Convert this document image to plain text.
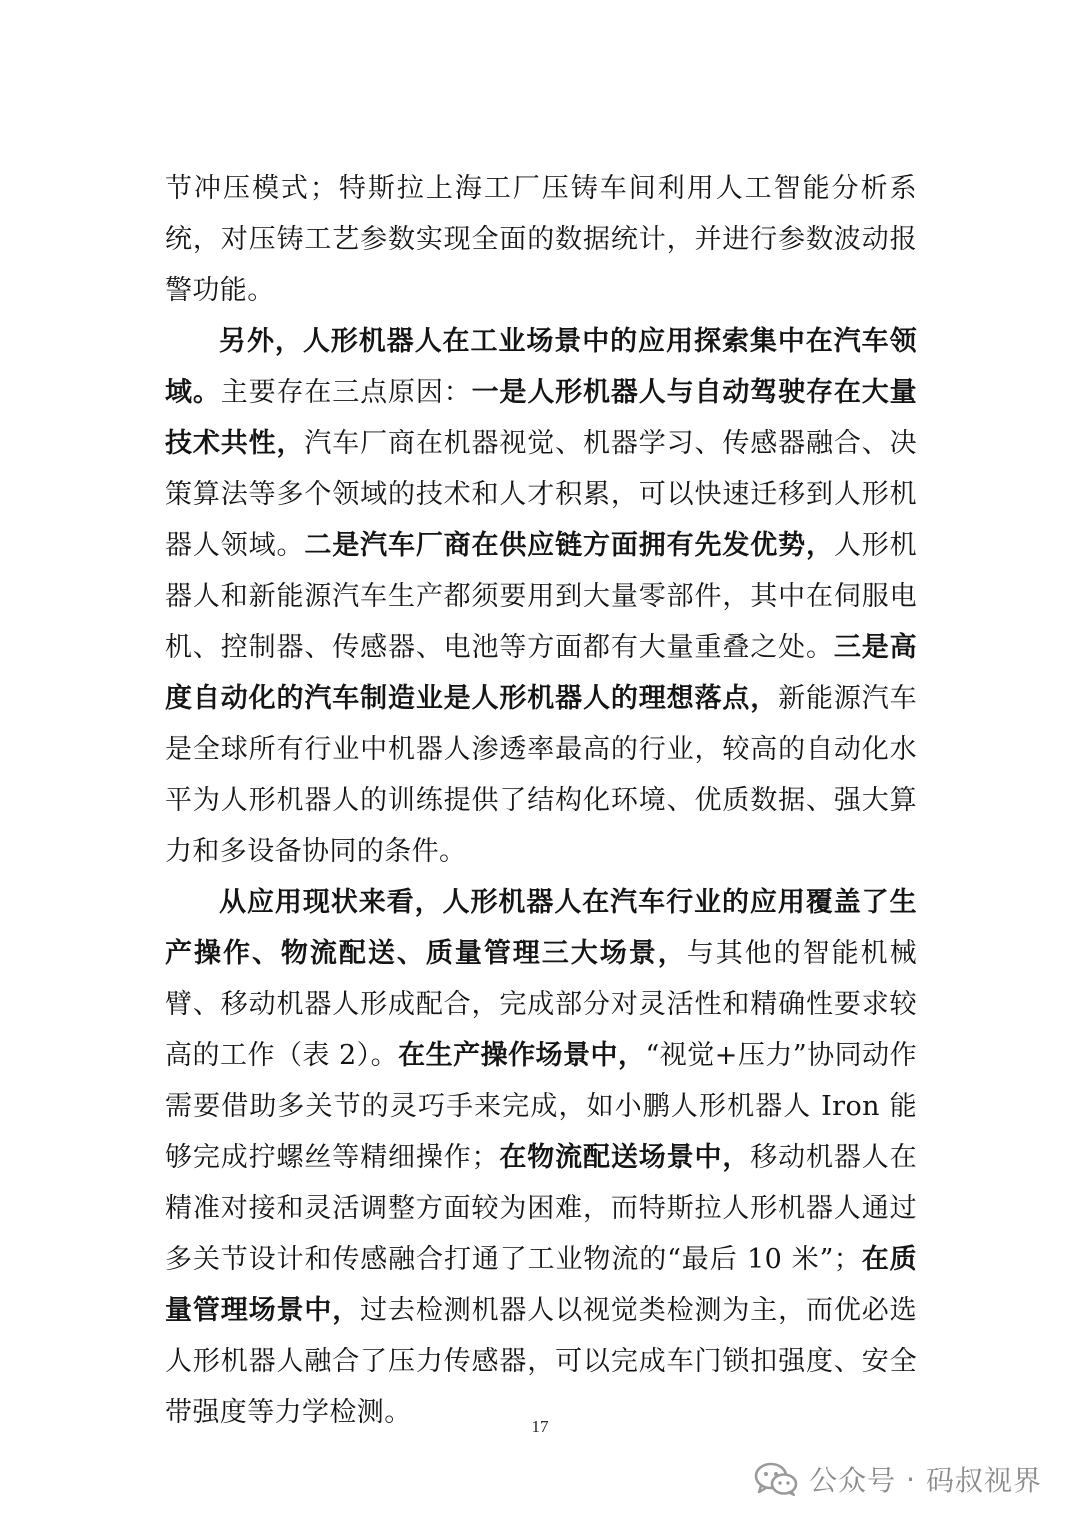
节冲压模式；特斯拉上海工厂压铸车间利用人工智能分析系统，对压铸工艺参数实现全面的数据统计，并进行参数波动报警功能。

另外，人形机器人在工业场景中的应用探索集中在汽车领域。主要存在三点原因：一是人形机器人与自动驾驶存在大量技术共性，汽车厂商在机器视觉、机器学习、传感器融合、决策算法等多个领域的技术和人才积累，可以快速迁移到人形机器人领域。二是汽车厂商在供应链方面拥有先发优势，人形机器人和新能源汽车生产都须要用到大量零部件，其中在伺服电机、控制器、传感器、电池等方面都有大量重叠之处。三是高度自动化的汽车制造业是人形机器人的理想落点，新能源汽车是全球所有行业中机器人渗透率最高的行业，较高的自动化水平为人形机器人的训练提供了结构化环境、优质数据、强大算力和多设备协同的条件。

从应用现状来看，人形机器人在汽车行业的应用覆盖了生产操作、物流配送、质量管理三大场景，与其他的智能机械臂、移动机器人形成配合，完成部分对灵活性和精确性要求较高的工作（表 2）。在生产操作场景中，“视觉+压力”协同动作需要借助多关节的灵巧手来完成，如小鹏人形机器人 Iron 能够完成拧螺丝等精细操作；在物流配送场景中，移动机器人在精准对接和灵活调整方面较为困难，而特斯拉人形机器人通过多关节设计和传感融合打通了工业物流的“最后 10 米”；在质量管理场景中，过去检测机器人以视觉类检测为主，而优必选人形机器人融合了压力传感器，可以完成车门锁扣强度、安全带强度等力学检测。	17
公众号 · 码叔视界
